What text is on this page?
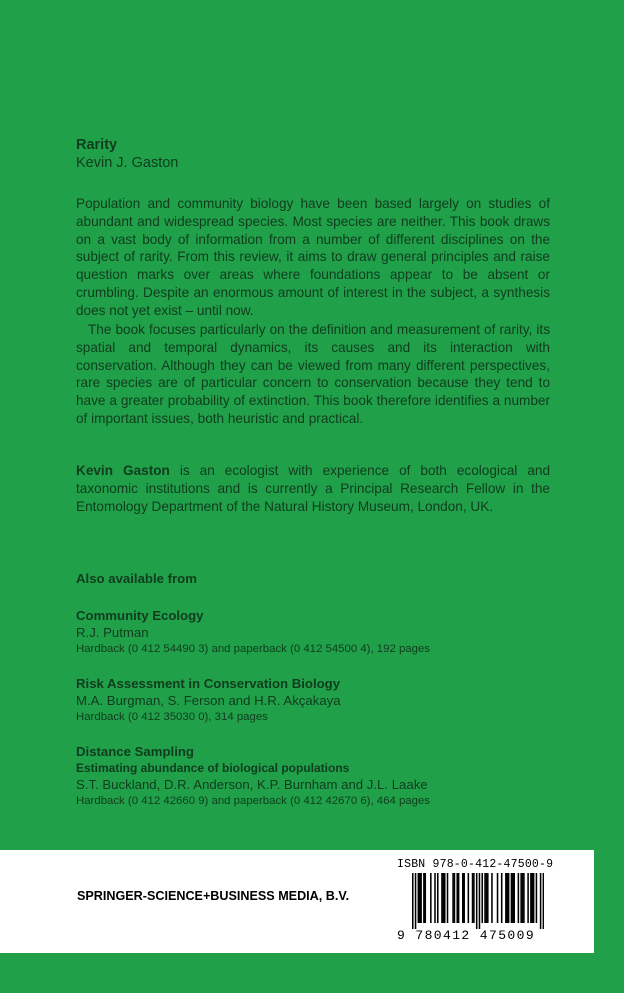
Rarity
Kevin J. Gaston

Population and community biology have been based largely on studies of abundant and widespread species. Most species are neither. This book draws on a vast body of information from a number of different disciplines on the subject of rarity. From this review, it aims to draw general principles and raise question marks over areas where foundations appear to be absent or crumbling. Despite an enormous amount of interest in the subject, a synthesis does not yet exist – until now.

The book focuses particularly on the definition and measurement of rarity, its spatial and temporal dynamics, its causes and its interaction with conservation. Although they can be viewed from many different perspectives, rare species are of particular concern to conservation because they tend to have a greater probability of extinction. This book therefore identifies a number of important issues, both heuristic and practical.

Kevin Gaston is an ecologist with experience of both ecological and taxonomic institutions and is currently a Principal Research Fellow in the Entomology Department of the Natural History Museum, London, UK.

Also available from
Community Ecology
R.J. Putman
Hardback (0 412 54490 3) and paperback (0 412 54500 4), 192 pages
Risk Assessment in Conservation Biology
M.A. Burgman, S. Ferson and H.R. Akçakaya
Hardback (0 412 35030 0), 314 pages
Distance Sampling
Estimating abundance of biological populations
S.T. Buckland, D.R. Anderson, K.P. Burnham and J.L. Laake
Hardback (0 412 42660 9) and paperback (0 412 42670 6), 464 pages
SPRINGER-SCIENCE+BUSINESS MEDIA, B.V.
ISBN 978-0-412-47500-9
9 780412 475009
